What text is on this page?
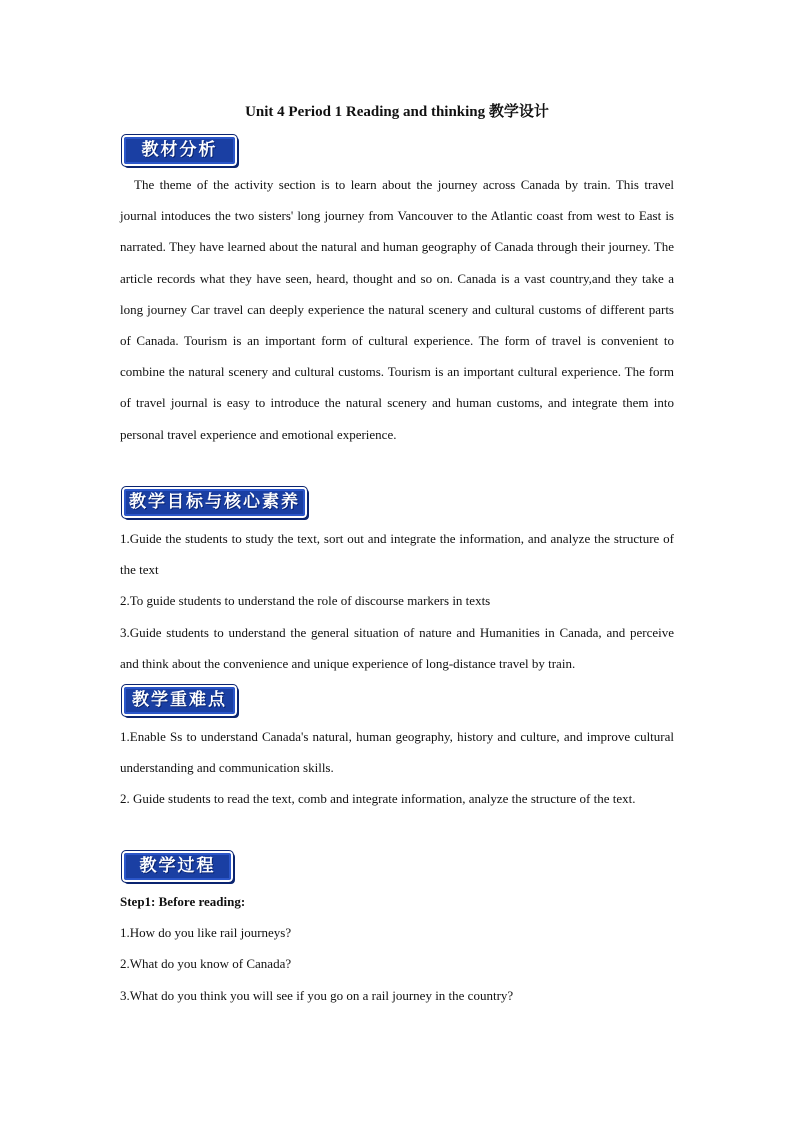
Unit 4 Period 1 Reading and thinking 教学设计
教材分析

The theme of the activity section is to learn about the journey across Canada by train. This travel journal intoduces the two sisters' long journey from Vancouver to the Atlantic coast from west to East is narrated. They have learned about the natural and human geography of Canada through their journey. The article records what they have seen, heard, thought and so on. Canada is a vast country,and they take a long journey Car travel can deeply experience the natural scenery and cultural customs of different parts of Canada. Tourism is an important form of cultural experience. The form of travel is convenient to combine the natural scenery and cultural customs. Tourism is an important cultural experience. The form of travel journal is easy to introduce the natural scenery and human customs, and integrate them into personal travel experience and emotional experience.

教学目标与核心素养

1.Guide the students to study the text, sort out and integrate the information, and analyze the structure of the text

2.To guide students to understand the role of discourse markers in texts

3.Guide students to understand the general situation of nature and Humanities in Canada, and perceive and think about the convenience and unique experience of long-distance travel by train.

教学重难点

1.Enable Ss to understand Canada's natural, human geography, history and culture, and improve cultural understanding and communication skills.

2. Guide students to read the text, comb and integrate information, analyze the structure of the text.

教学过程

Step1: Before reading:

1.How do you like rail journeys?

2.What do you know of Canada?

3.What do you think you will see if you go on a rail journey in the country?
